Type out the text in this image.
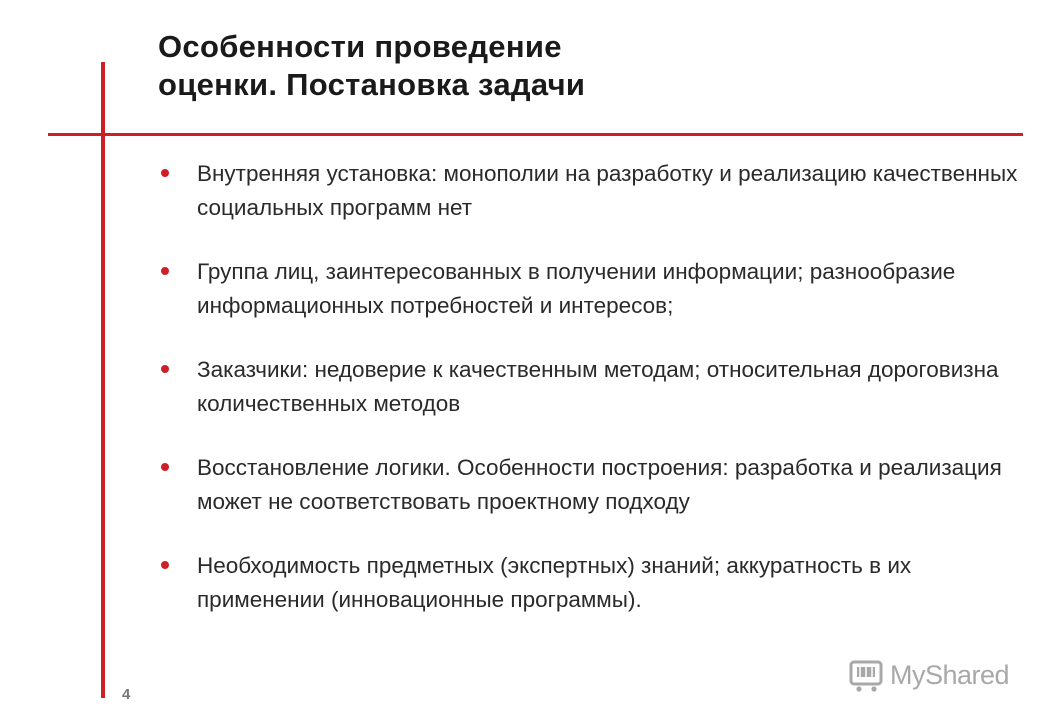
Особенности проведение
оценки. Постановка задачи
Внутренняя установка: монополии на разработку и реализацию качественных социальных программ нет
Группа лиц, заинтересованных в получении информации; разнообразие информационных потребностей и интересов;
Заказчики: недоверие к качественным методам; относительная дороговизна количественных методов
Восстановление логики. Особенности построения: разработка и реализация может не соответствовать проектному подходу
Необходимость предметных (экспертных) знаний; аккуратность в их применении (инновационные программы).
4
MyShared
